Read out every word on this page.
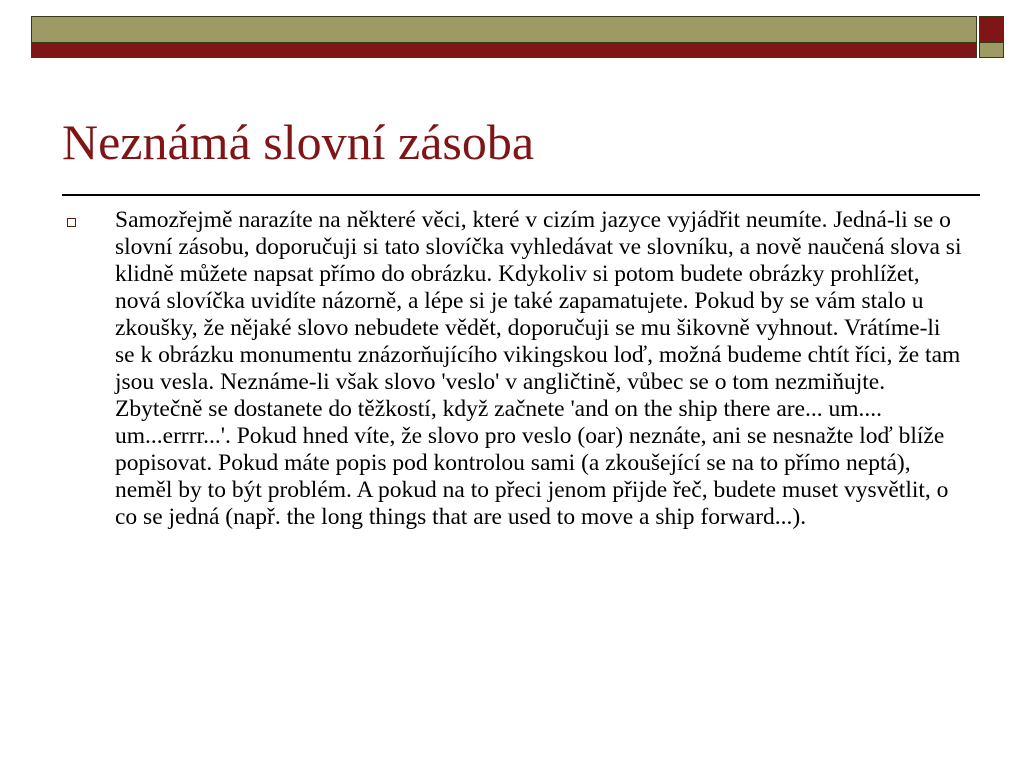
Neznámá slovní zásoba

Samozřejmě narazíte na některé věci, které v cizím jazyce vyjádřit neumíte. Jedná-li se o slovní zásobu, doporučuji si tato slovíčka vyhledávat ve slovníku, a nově naučená slova si klidně můžete napsat přímo do obrázku. Kdykoliv si potom budete obrázky prohlížet, nová slovíčka uvidíte názorně, a lépe si je také zapamatujete. Pokud by se vám stalo u zkoušky, že nějaké slovo nebudete vědět, doporučuji se mu šikovně vyhnout. Vrátíme-li se k obrázku monumentu znázorňujícího vikingskou loď, možná budeme chtít říci, že tam jsou vesla. Neznáme-li však slovo 'veslo' v angličtině, vůbec se o tom nezmiňujte. Zbytečně se dostanete do těžkostí, když začnete 'and on the ship there are... um.... um...errrr...'. Pokud hned víte, že slovo pro veslo (oar) neznáte, ani se nesnažte loď blíže popisovat. Pokud máte popis pod kontrolou sami (a zkoušející se na to přímo neptá), neměl by to být problém. A pokud na to přeci jenom přijde řeč, budete muset vysvětlit, o co se jedná (např. the long things that are used to move a ship forward...).
